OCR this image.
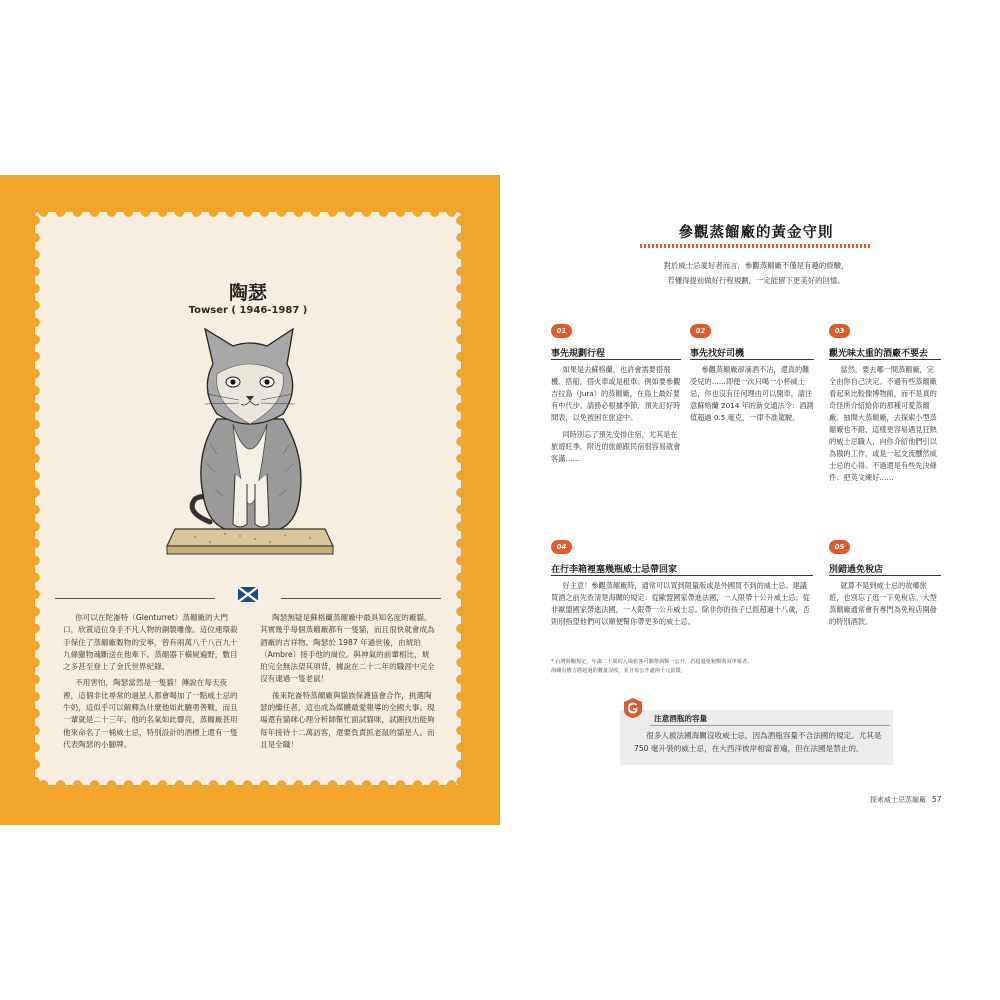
陶瑟
Towser ( 1946-1987 )

你可以在陀崙特（Glenturret）蒸餾廠的大門口，欣賞這位身手不凡人物的銅製雕像。這位連環殺手保住了蒸餾廠穀物的安寧，曾有兩萬八千八百九十九條獵物魂斷送在他牽下。蒸餾器下橫屍遍野，數目之多甚至登上了金氏世界紀錄。

不用害怕，陶瑟當然是一隻貓！傳說在每天夜裡，這個非比尋常的過星人都會喝加了一點威士忌的牛奶，這似乎可以解釋為什麼他如此驍勇善戰，而且一輩就是二十三年。他的名氣如此響亮，蒸餾廠甚用他來命名了一桶威士忌，特別設計的酒標上還有一隻代表陶瑟的小腳牌。

陶瑟無疑是蘇格蘭蒸餾廠中最具知名度的廠貓。其實幾乎每個蒸餾廠都有一隻貓，而且很快就會成為酒廠的吉祥物。陶瑟於 1987 年過世後，由琥珀（Ambre）接手他的崗位。與神氣的前輩相比，琥珀完全無法望其項背，據說在二十二年的職涯中完全沒有逮過一隻老鼠！

後來陀崙特蒸餾廠與貓族保護協會合作，挑選陶瑟的繼任者，這也成為媒體最愛報導的全國大事。現場還有貓咪心理分析師幫忙面試貓咪，試圖找出能夠每年接待十二萬訪客，還要負責抓老鼠的貓星人。而且是全職！

參觀蒸餾廠的黃金守則
對於威士忌愛好者而言，參觀蒸餾廠不僅是有趣的經驗，
若懂得提前做好行程規劃，一定能留下更美好的回憶。
01
事先規劃行程

如果是去蘇格蘭，也許會需要搭飛機、搭船，搭火車或是租車。例如要參觀吉拉島（Jura）的蒸餾廠，在島上最好要有中代步。請務必根據季節，預先訂好時間表，以免被困在旅途中。

同時別忘了預先安排住宿，尤其是在旅遊旺季，附近的旅館跟民宿很容易就會客滿……

02
事先找好司機

參觀蒸餾廠卻滴酒不沾，還真的難受兒的……即便一次只喝一小杯威士忌，你也沒有任何理由可以開車。請注意蘇格蘭 2014 年的新交通法令：酒測值超過 0.5 毫克，一律不准駕駛。

03
觀光味太重的酒廠不要去

當然，要去哪一間蒸餾廠，完全由你自己決定。不過有些蒸餾廠看起來比較像博物館，而不是真的奇怪所介紹給你的那種可愛蒸餾廠。抽間大蒸餾廠，去探索小型蒸餾廠也不錯，這樣更容易遇見狂熱的威士忌職人，向你介紹他們引以為傲的工作，或是一起交流醺然威士忌的心得。不過還是有些先決條件：把英文練好……

04
在行李箱裡塞幾瓶威士忌帶回家

好主意！參觀蒸餾廠時，通常可以買到限量版或是外國買不到的威士忌。建議買酒之前先查清楚海關的規定：從歐盟國家帶進法國，一人限帶十公升威士忌；從非歐盟國家帶進法國，一人限帶一公升威士忌。除非你的孩子已經超過十八歲，否則別指望他們可以順便幫你帶更多的威士忌。

05
別錯過免稅店

就算不是到威士忌的故鄉旅遊，也別忘了逛一下免稅店。大型蒸餾廠通常會有專門為免稅店開發的特別酒款。

* 台灣海關規定，年滿二十歲的入境旅客可攜帶酒類一公升，若超過免稅額則須申報者。
海關有權力將超過的數量沒收，並且每公升處兩千元罰鍰。
注意酒瓶的容量
很多人被法國海關沒收威士忌，因為酒瓶容量不合法國的規定。尤其是 750 毫升裝的威士忌，在大西洋彼岸相當普遍，但在法國是禁止的。
探索威士忌蒸餾廠 57
